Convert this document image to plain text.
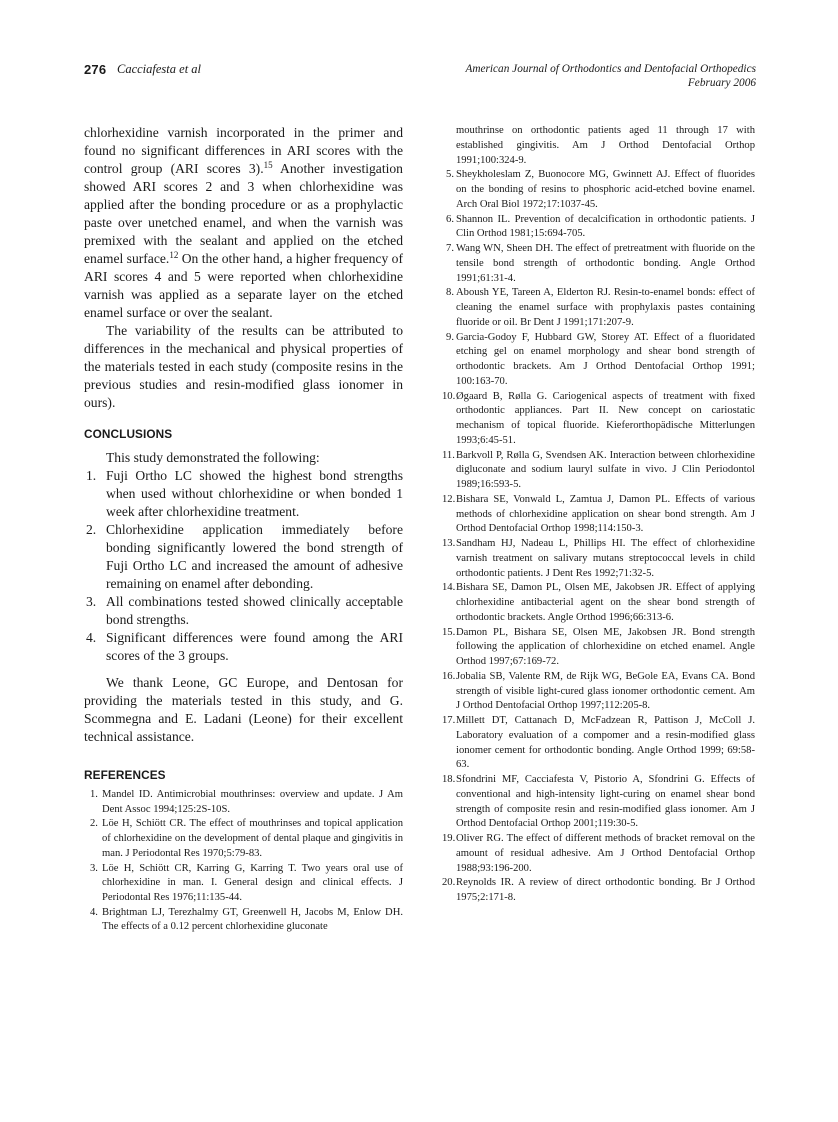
276 Cacciafesta et al	American Journal of Orthodontics and Dentofacial Orthopedics
February 2006

chlorhexidine varnish incorporated in the primer and found no significant differences in ARI scores with the control group (ARI scores 3).$^{15}$ Another investigation showed ARI scores 2 and 3 when chlorhexidine was applied after the bonding procedure or as a prophylactic paste over unetched enamel, and when the varnish was premixed with the sealant and applied on the etched enamel surface.$^{12}$ On the other hand, a higher frequency of ARI scores 4 and 5 were reported when chlorhexidine varnish was applied as a separate layer on the etched enamel surface or over the sealant.

The variability of the results can be attributed to differences in the mechanical and physical properties of the materials tested in each study (composite resins in the previous studies and resin-modified glass ionomer in ours).

CONCLUSIONS

This study demonstrated the following:

1. Fuji Ortho LC showed the highest bond strengths when used without chlorhexidine or when bonded 1 week after chlorhexidine treatment.
2. Chlorhexidine application immediately before bonding significantly lowered the bond strength of Fuji Ortho LC and increased the amount of adhesive remaining on enamel after debonding.
3. All combinations tested showed clinically acceptable bond strengths.
4. Significant differences were found among the ARI scores of the 3 groups.

We thank Leone, GC Europe, and Dentosan for providing the materials tested in this study, and G. Scommegna and E. Ladani (Leone) for their excellent technical assistance.

REFERENCES
1. Mandel ID. Antimicrobial mouthrinses: overview and update. J Am Dent Assoc 1994;125:2S-10S.
2. Löe H, Schiött CR. The effect of mouthrinses and topical application of chlorhexidine on the development of dental plaque and gingivitis in man. J Periodontal Res 1970;5:79-83.
3. Löe H, Schiött CR, Karring G, Karring T. Two years oral use of chlorhexidine in man. I. General design and clinical effects. J Periodontal Res 1976;11:135-44.
4. Brightman LJ, Terezhalmy GT, Greenwell H, Jacobs M, Enlow DH. The effects of a 0.12 percent chlorhexidine gluconate
mouthrinse on orthodontic patients aged 11 through 17 with established gingivitis. Am J Orthod Dentofacial Orthop 1991;100:324-9.
5. Sheykholeslam Z, Buonocore MG, Gwinnett AJ. Effect of fluorides on the bonding of resins to phosphoric acid-etched bovine enamel. Arch Oral Biol 1972;17:1037-45.
6. Shannon IL. Prevention of decalcification in orthodontic patients. J Clin Orthod 1981;15:694-705.
7. Wang WN, Sheen DH. The effect of pretreatment with fluoride on the tensile bond strength of orthodontic bonding. Angle Orthod 1991;61:31-4.
8. Aboush YE, Tareen A, Elderton RJ. Resin-to-enamel bonds: effect of cleaning the enamel surface with prophylaxis pastes containing fluoride or oil. Br Dent J 1991;171:207-9.
9. Garcia-Godoy F, Hubbard GW, Storey AT. Effect of a fluoridated etching gel on enamel morphology and shear bond strength of orthodontic brackets. Am J Orthod Dentofacial Orthop 1991; 100:163-70.
10. Øgaard B, Rølla G. Cariogenical aspects of treatment with fixed orthodontic appliances. Part II. New concept on cariostatic mechanism of topical fluoride. Kieferorthopädische Mitterlungen 1993;6:45-51.
11. Barkvoll P, Rølla G, Svendsen AK. Interaction between chlorhexidine digluconate and sodium lauryl sulfate in vivo. J Clin Periodontol 1989;16:593-5.
12. Bishara SE, Vonwald L, Zamtua J, Damon PL. Effects of various methods of chlorhexidine application on shear bond strength. Am J Orthod Dentofacial Orthop 1998;114:150-3.
13. Sandham HJ, Nadeau L, Phillips HI. The effect of chlorhexidine varnish treatment on salivary mutans streptococcal levels in child orthodontic patients. J Dent Res 1992;71:32-5.
14. Bishara SE, Damon PL, Olsen ME, Jakobsen JR. Effect of applying chlorhexidine antibacterial agent on the shear bond strength of orthodontic brackets. Angle Orthod 1996;66:313-6.
15. Damon PL, Bishara SE, Olsen ME, Jakobsen JR. Bond strength following the application of chlorhexidine on etched enamel. Angle Orthod 1997;67:169-72.
16. Jobalia SB, Valente RM, de Rijk WG, BeGole EA, Evans CA. Bond strength of visible light-cured glass ionomer orthodontic cement. Am J Orthod Dentofacial Orthop 1997;112:205-8.
17. Millett DT, Cattanach D, McFadzean R, Pattison J, McColl J. Laboratory evaluation of a compomer and a resin-modified glass ionomer cement for orthodontic bonding. Angle Orthod 1999; 69:58-63.
18. Sfondrini MF, Cacciafesta V, Pistorio A, Sfondrini G. Effects of conventional and high-intensity light-curing on enamel shear bond strength of composite resin and resin-modified glass ionomer. Am J Orthod Dentofacial Orthop 2001;119:30-5.
19. Oliver RG. The effect of different methods of bracket removal on the amount of residual adhesive. Am J Orthod Dentofacial Orthop 1988;93:196-200.
20. Reynolds IR. A review of direct orthodontic bonding. Br J Orthod 1975;2:171-8.
